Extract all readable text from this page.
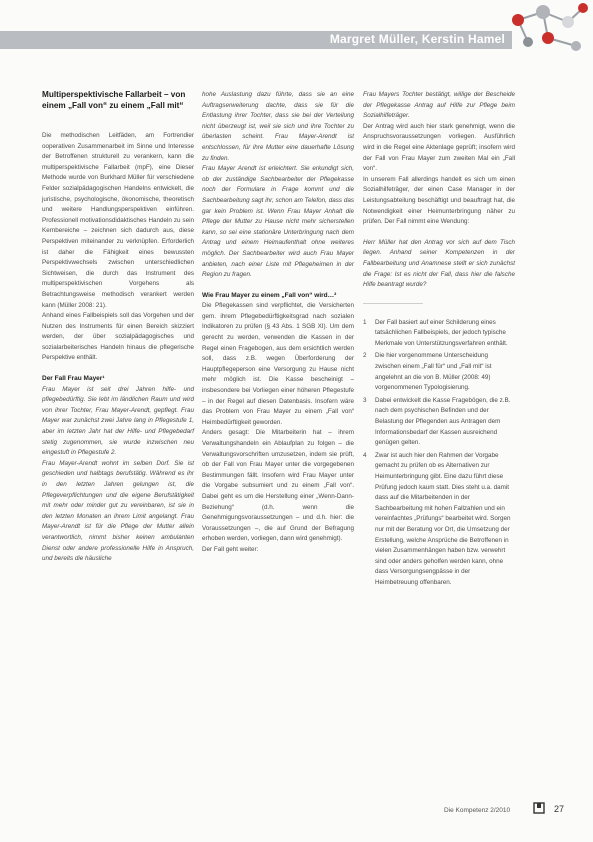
Margret Müller, Kerstin Hamel
Multiperspektivische Fallarbeit – von einem „Fall von“ zu einem „Fall mit“

Die methodischen Leitfäden, am Fortrendier ooperativen Zusammenarbeit im Sinne und Interesse der Betroffenen strukturell zu verankern, kann die multiperspektivische Fallarbeit (mpF), eine Dieser Methode wurde von Burkhard Müller für verschiedene Felder sozialpädagogischen Handelns entwickelt, die juristische, psychologische, ökonomische, theoretisch und weitere Handlungsperspektiven einführen. Professionell motivationsdidaktisches Handeln zu sein Kernbereiche – zeichnen sich dadurch aus, diese Perspektiven miteinander zu verknüpfen. Erforderlich ist daher die Fähigkeit eines bewussten Perspektivwechsels zwischen unterschiedlichen Sichtweisen, die durch das Instrument des multiperspektivischen Vorgehens als Betrachtungsweise methodisch verankert werden kann (Müller 2008: 21).

Anhand eines Fallbeispiels soll das Vorgehen und der Nutzen des Instruments für einen Bereich skizziert werden, der über sozialpädagogisches und sozialarbeiterisches Handeln hinaus die pflegerische Perspektive enthält.

Der Fall Frau Mayer¹

Frau Mayer ist seit drei Jahren hilfe- und pflegebedürftig. Sie lebt im ländlichen Raum und wird von ihrer Tochter, Frau Mayer-Arendt, gepflegt. Frau Mayer war zunächst zwei Jahre lang in Pflegestufe 1, aber im letzten Jahr hat der Hilfe- und Pflegebedarf stetig zugenommen, sie wurde inzwischen neu eingestuft in Pflegestufe 2.

Frau Mayer-Arendt wohnt im selben Dorf. Sie ist geschieden und halbtags berufstätig. Während es ihr in den letzten Jahren gelungen ist, die Pflegeverpflichtungen und die eigene Berufstätigkeit mit mehr oder minder gut zu vereinbaren, ist sie in den letzten Monaten an ihrem Limit angelangt. Frau Mayer-Arendt ist für die Pflege der Mutter allein verantwortlich, nimmt bisher keinen ambulanten Dienst oder andere professionelle Hilfe in Anspruch, und bereits die häusliche

hohe Auslastung dazu führte, dass sie an eine Auftragserweiterung dachte, dass sie für die Entlastung ihrer Tochter, dass sie bei der Verteilung nicht überzeugt ist, weil sie sich und ihre Tochter zu überlasten scheint. Frau Mayer-Arendt ist entschlossen, für ihre Mutter eine dauerhafte Lösung zu finden.

Frau Mayer Arendt ist erleichtert. Sie erkundigt sich, ob der zuständige Sachbearbeiter der Pflegekasse noch der Formulare in Frage kommt und die Sachbearbeitung sagt ihr, schon am Telefon, dass das gar kein Problem ist. Wenn Frau Mayer Anhalt die Pflege der Mutter zu Hause nicht mehr sicherstellen kann, so sei eine stationäre Unterbringung nach dem Antrag und einem Heimaufenthalt ohne weiteres möglich. Der Sachbearbeiter wird auch Frau Mayer anbieten, nach einer Liste mit Pflegeheimen in der Region zu fragen.

Wie Frau Mayer zu einem „Fall von“ wird…²

Die Pflegekassen sind verpflichtet, die Versicherten gem. ihrem Pflegebedürftigkeitsgrad nach sozialen Indikatoren zu prüfen (§ 43 Abs. 1 SGB XI). Um dem gerecht zu werden, verwenden die Kassen in der Regel einen Fragebogen, aus dem ersichtlich werden soll, dass z.B. wegen Überforderung der Hauptpflegeperson eine Versorgung zu Hause nicht mehr möglich ist. Die Kasse bescheinigt – insbesondere bei Vorliegen einer höheren Pflegestufe – in der Regel auf diesen Datenbasis. Insofern wäre das Problem von Frau Mayer zu einem „Fall von“ Heimbedürftigkeit geworden.

Anders gesagt: Die Mitarbeiterin hat – ihrem Verwaltungshandeln ein Ablaufplan zu folgen – die Verwaltungsvorschriften umzusetzen, indem sie prüft, ob der Fall von Frau Mayer unter die vorgegebenen Bestimmungen fällt. Insofern wird Frau Mayer unter die Vorgabe subsumiert und zu einem „Fall von“. Dabei geht es um die Herstellung einer „Wenn-Dann-Beziehung“ (d.h. wenn die Genehmigungsvoraussetzungen – und d.h. hier: die Voraussetzungen –, die auf Grund der Befragung erhoben werden, vorliegen, dann wird genehmigt).

Der Fall geht weiter:

Frau Mayers Tochter bestätigt, willige der Bescheide der Pflegekasse Antrag auf Hilfe zur Pflege beim Sozialhilfeträger.

Der Antrag wird auch hier stark genehmigt, wenn die Anspruchsvoraussetzungen vorliegen. Ausführlich wird in die Regel eine Aktenlage geprüft; insofern wird der Fall von Frau Mayer zum zweiten Mal ein „Fall von“.

In unserem Fall allerdings handelt es sich um einen Sozialhilfeträger, der einen Case Manager in der Leistungsabteilung beschäftigt und beauftragt hat, die Notwendigkeit einer Heimunterbringung näher zu prüfen. Der Fall nimmt eine Wendung:

Herr Müller hat den Antrag vor sich auf dem Tisch liegen. Anhand seiner Kompetenzen in der Fallbearbeitung und Anamnese stellt er sich zunächst die Frage: Ist es nicht der Fall, dass hier die falsche Hilfe beantragt wurde?

1	Der Fall basiert auf einer Schilderung eines tatsächlichen Fallbeispiels, der jedoch typische Merkmale von Unterstützungsverfahren enthält.
2	Die hier vorgenommene Unterscheidung zwischen einem „Fall für“ und „Fall mit“ ist angelehnt an die von B. Müller (2008: 49) vorgenommenen Typologisierung.
3	Dabei entwickelt die Kasse Fragebögen, die z.B. nach dem psychischen Befinden und der Belastung der Pflegenden aus Antragen dem Informationsbedarf der Kassen ausreichend genügen gelten.
4	Zwar ist auch hier den Rahmen der Vorgabe gemacht zu prüfen ob es Alternativen zur Heimunterbringung gibt. Eine dazu führt diese Prüfung jedoch kaum statt. Dies steht u.a. damit dass auf die Mitarbeitenden in der Sachbearbeitung mit hohen Fallzahlen und ein vereinfachtes „Prüfungs“ bearbeitet wird. Sorgen nur mit der Beratung vor Ort, die Umsetzung der Erstellung, welche Ansprüche die Betroffenen in vielen Zusammenhängen haben bzw. verwehrt sind oder anders geholfen werden kann, ohne dass Versorgungsengpässe in der Heimbetreuung offenbaren.
Die Kompetenz 2/2010	27
